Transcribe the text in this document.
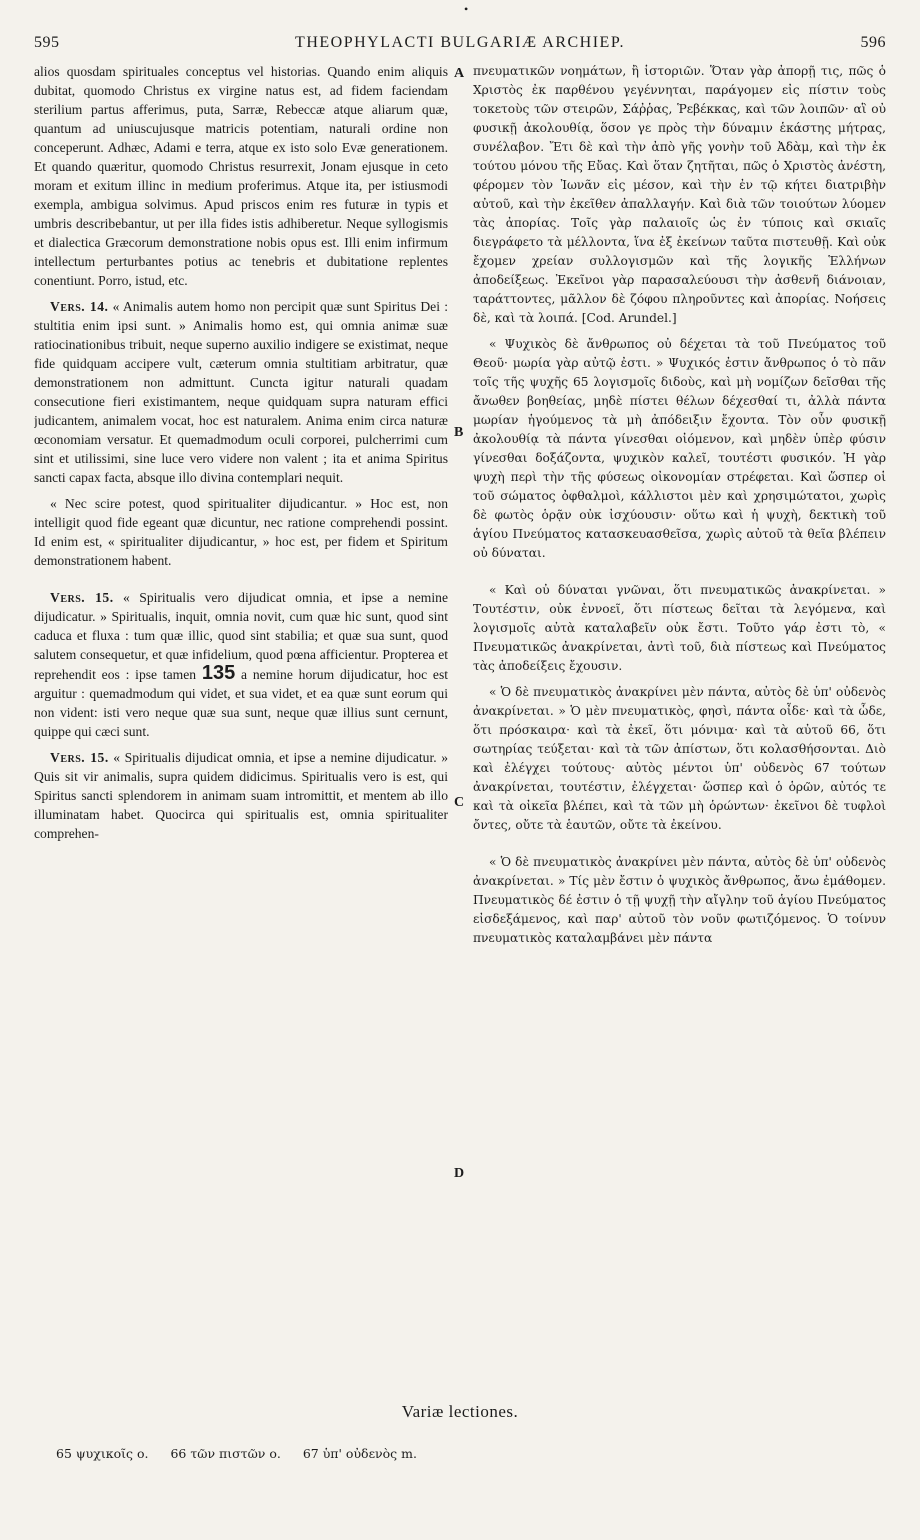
•
595	THEOPHYLACTI BULGARIÆ ARCHIEP.	596

alios quosdam spirituales conceptus vel historias. Quando enim aliquis dubitat, quomodo Christus ex virgine natus est, ad fidem faciendam sterilium partus afferimus, puta, Sarræ, Rebeccæ atque aliarum quæ, quantum ad uniuscujusque matricis potentiam, naturali ordine non conceperunt. Adhæc, Adami e terra, atque ex isto solo Evæ generationem. Et quando quæritur, quomodo Christus resurrexit, Jonam ejusque in ceto moram et exitum illinc in medium proferimus. Atque ita, per istiusmodi exempla, ambigua solvimus. Apud priscos enim res futuræ in typis et umbris describebantur, ut per illa fides istis adhiberetur. Neque syllogismis et dialectica Græcorum demonstratione nobis opus est. Illi enim infirmum intellectum perturbantes potius ac tenebris et dubitatione replentes conentiunt. Porro, istud, etc.

Vers. 14. « Animalis autem homo non percipit quæ sunt Spiritus Dei : stultitia enim ipsi sunt. » Animalis homo est, qui omnia animæ suæ ratiocinationibus tribuit, neque superno auxilio indigere se existimat, neque fide quidquam accipere vult, cæterum omnia stultitiam arbitratur, quæ demonstrationem non admittunt. Cuncta igitur naturali quadam consecutione fieri existimantem, neque quidquam supra naturam effici judicantem, animalem vocat, hoc est naturalem. Anima enim circa naturæ œconomiam versatur. Et quemadmodum oculi corporei, pulcherrimi cum sint et utilissimi, sine luce vero videre non valent ; ita et anima Spiritus sancti capax facta, absque illo divina contemplari nequit.

« Nec scire potest, quod spiritualiter dijudicantur. » Hoc est, non intelligit quod fide egeant quæ dicuntur, nec ratione comprehendi possint. Id enim est, « spiritualiter dijudicantur, » hoc est, per fidem et Spiritum demonstrationem habent.

Vers. 15. « Spiritualis vero dijudicat omnia, et ipse a nemine dijudicatur. » Spiritualis, inquit, omnia novit, cum quæ hic sunt, quod sint caduca et fluxa : tum quæ illic, quod sint stabilia; et quæ sua sunt, quod salutem consequetur, et quæ infidelium, quod pœna afficientur. Propterea et reprehendit eos : ipse tamen 135 a nemine horum dijudicatur, hoc est arguitur : quemadmodum qui videt, et sua videt, et ea quæ sunt eorum qui non vident: isti vero neque quæ sua sunt, neque quæ illius sunt cernunt, quippe qui cæci sunt.

Vers. 15. « Spiritualis dijudicat omnia, et ipse a nemine dijudicatur. » Quis sit vir animalis, supra quidem didicimus. Spiritualis vero is est, qui Spiritus sancti splendorem in animam suam intromittit, et mentem ab illo illuminatam habet. Quocirca qui spiritualis est, omnia spiritualiter comprehen-

A
B
C
D

πνευματικῶν νοημάτων, ἢ ἱστοριῶν. Ὅταν γὰρ ἀπορῇ τις, πῶς ὁ Χριστὸς ἐκ παρθένου γεγέννηται, παράγομεν εἰς πίστιν τοὺς τοκετοὺς τῶν στειρῶν, Σάῤῥας, Ῥεβέκκας, καὶ τῶν λοιπῶν· αἳ οὐ φυσικῇ ἀκολουθίᾳ, ὅσον γε πρὸς τὴν δύναμιν ἑκάστης μήτρας, συνέλαβον. Ἔτι δὲ καὶ τὴν ἀπὸ γῆς γονὴν τοῦ Ἀδὰμ, καὶ τὴν ἐκ τούτου μόνου τῆς Εὔας. Καὶ ὅταν ζητῆται, πῶς ὁ Χριστὸς ἀνέστη, φέρομεν τὸν Ἰωνᾶν εἰς μέσον, καὶ τὴν ἐν τῷ κήτει διατριβὴν αὐτοῦ, καὶ τὴν ἐκεῖθεν ἀπαλλαγήν. Καὶ διὰ τῶν τοιούτων λύομεν τὰς ἀπορίας. Τοῖς γὰρ παλαιοῖς ὡς ἐν τύποις καὶ σκιαῖς διεγράφετο τὰ μέλλοντα, ἵνα ἐξ ἐκείνων ταῦτα πιστευθῇ. Καὶ οὐκ ἔχομεν χρείαν συλλογισμῶν καὶ τῆς λογικῆς Ἑλλήνων ἀποδείξεως. Ἐκεῖνοι γὰρ παρασαλεύουσι τὴν ἀσθενῆ διάνοιαν, ταράττοντες, μᾶλλον δὲ ζόφου πληροῦντες καὶ ἀπορίας. Νοήσεις δὲ, καὶ τὰ λοιπά. [Cod. Arundel.]

« Ψυχικὸς δὲ ἄνθρωπος οὐ δέχεται τὰ τοῦ Πνεύματος τοῦ Θεοῦ· μωρία γὰρ αὐτῷ ἐστι. » Ψυχικός ἐστιν ἄνθρωπος ὁ τὸ πᾶν τοῖς τῆς ψυχῆς 65 λογισμοῖς διδοὺς, καὶ μὴ νομίζων δεῖσθαι τῆς ἄνωθεν βοηθείας, μηδὲ πίστει θέλων δέχεσθαί τι, ἀλλὰ πάντα μωρίαν ἡγούμενος τὰ μὴ ἀπόδειξιν ἔχοντα. Τὸν οὖν φυσικῇ ἀκολουθίᾳ τὰ πάντα γίνεσθαι οἰόμενον, καὶ μηδὲν ὑπὲρ φύσιν γίνεσθαι δοξάζοντα, ψυχικὸν καλεῖ, τουτέστι φυσικόν. Ἡ γὰρ ψυχὴ περὶ τὴν τῆς φύσεως οἰκονομίαν στρέφεται. Καὶ ὥσπερ οἱ τοῦ σώματος ὀφθαλμοὶ, κάλλιστοι μὲν καὶ χρησιμώτατοι, χωρὶς δὲ φωτὸς ὁρᾷν οὐκ ἰσχύουσιν· οὕτω καὶ ἡ ψυχὴ, δεκτικὴ τοῦ ἁγίου Πνεύματος κατασκευασθεῖσα, χωρὶς αὐτοῦ τὰ θεῖα βλέπειν οὐ δύναται.

« Καὶ οὐ δύναται γνῶναι, ὅτι πνευματικῶς ἀνακρίνεται. » Τουτέστιν, οὐκ ἐννοεῖ, ὅτι πίστεως δεῖται τὰ λεγόμενα, καὶ λογισμοῖς αὐτὰ καταλαβεῖν οὐκ ἔστι. Τοῦτο γάρ ἐστι τὸ, « Πνευματικῶς ἀνακρίνεται, ἀντὶ τοῦ, διὰ πίστεως καὶ Πνεύματος τὰς ἀποδείξεις ἔχουσιν.

« Ὁ δὲ πνευματικὸς ἀνακρίνει μὲν πάντα, αὐτὸς δὲ ὑπ' οὐδενὸς ἀνακρίνεται. » Ὁ μὲν πνευματικὸς, φησὶ, πάντα οἶδε· καὶ τὰ ὧδε, ὅτι πρόσκαιρα· καὶ τὰ ἐκεῖ, ὅτι μόνιμα· καὶ τὰ αὐτοῦ 66, ὅτι σωτηρίας τεύξεται· καὶ τὰ τῶν ἀπίστων, ὅτι κολασθήσονται. Διὸ καὶ ἐλέγχει τούτους· αὐτὸς μέντοι ὑπ' οὐδενὸς 67 τούτων ἀνακρίνεται, τουτέστιν, ἐλέγχεται· ὥσπερ καὶ ὁ ὁρῶν, αὐτός τε καὶ τὰ οἰκεῖα βλέπει, καὶ τὰ τῶν μὴ ὁρώντων· ἐκεῖνοι δὲ τυφλοὶ ὄντες, οὔτε τὰ ἑαυτῶν, οὔτε τὰ ἐκείνου.

« Ὁ δὲ πνευματικὸς ἀνακρίνει μὲν πάντα, αὐτὸς δὲ ὑπ' οὐδενὸς ἀνακρίνεται. » Τίς μὲν ἔστιν ὁ ψυχικὸς ἄνθρωπος, ἄνω ἐμάθομεν. Πνευματικὸς δέ ἐστιν ὁ τῇ ψυχῇ τὴν αἴγλην τοῦ ἁγίου Πνεύματος εἰσδεξάμενος, καὶ παρ' αὐτοῦ τὸν νοῦν φωτιζόμενος. Ὁ τοίνυν πνευματικὸς καταλαμβάνει μὲν πάντα

Variæ lectiones.
65 ψυχικοῖς ο. 66 τῶν πιστῶν ο. 67 ὑπ' οὐδενὸς m.
